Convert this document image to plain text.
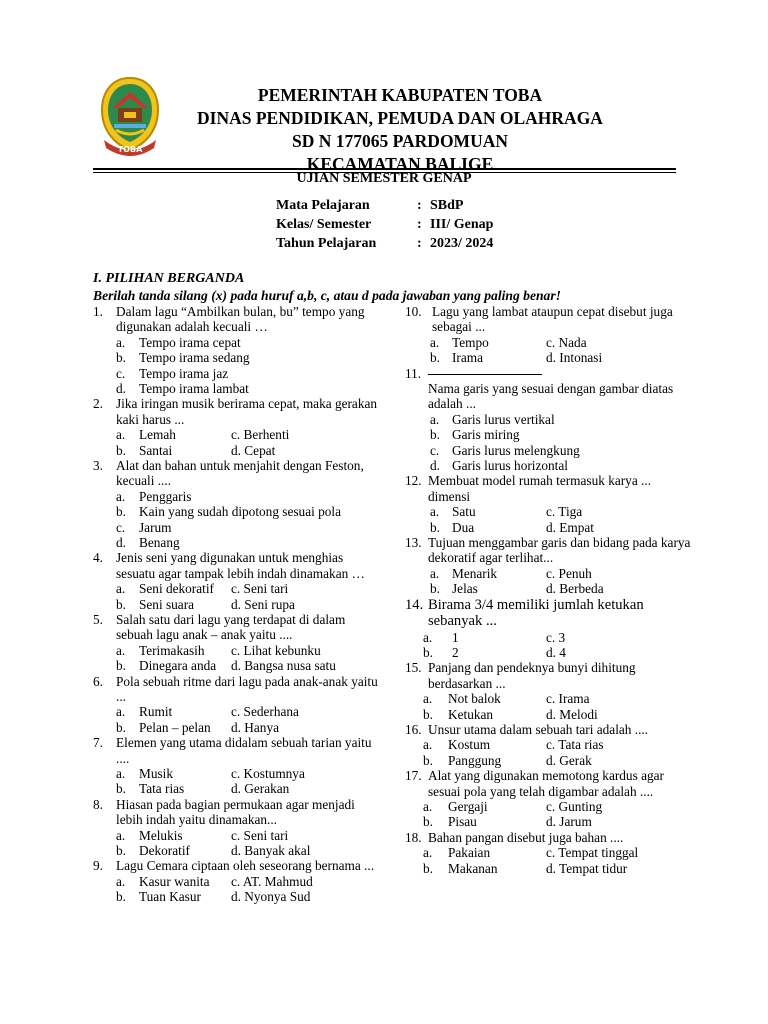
TOBA
PEMERINTAH KABUPATEN TOBA
DINAS PENDIDIKAN, PEMUDA DAN OLAHRAGA
SD N 177065 PARDOMUAN
KECAMATAN BALIGE
UJIAN SEMESTER GENAP
Mata Pelajaran	: SBdP
Kelas/ Semester	: III/ Genap
Tahun Pelajaran	: 2023/ 2024
I. PILIHAN BERGANDA
Berilah tanda silang (x) pada huruf a,b, c, atau d pada jawaban yang paling benar!
1. Dalam lagu “Ambilkan bulan, bu” tempo yang digunakan adalah kecuali …
a. Tempo irama cepat
b. Tempo irama sedang
c. Tempo irama jaz
d. Tempo irama lambat
2. Jika iringan musik berirama cepat, maka gerakan kaki harus ...
a. Lemah	c. Berhenti
b. Santai	d. Cepat
3. Alat dan bahan untuk menjahit dengan Feston, kecuali ....
a. Penggaris
b. Kain yang sudah dipotong sesuai pola
c. Jarum
d. Benang
4. Jenis seni yang digunakan untuk menghias sesuatu agar tampak lebih indah dinamakan …
a. Seni dekoratif c. Seni tari
b. Seni suara	d. Seni rupa
5. Salah satu dari lagu yang terdapat di dalam sebuah lagu anak – anak yaitu ....
a. Terimakasih c. Lihat kebunku
b. Dinegara anda d. Bangsa nusa satu
6. Pola sebuah ritme dari lagu pada anak-anak yaitu ...
a. Rumit	c. Sederhana
b. Pelan – pelan d. Hanya
7. Elemen yang utama didalam sebuah tarian yaitu ....
a. Musik	c. Kostumnya
b. Tata rias	d. Gerakan
8. Hiasan pada bagian permukaan agar menjadi lebih indah yaitu dinamakan...
a. Melukis	c. Seni tari
b. Dekoratif	d. Banyak akal
9. Lagu Cemara ciptaan oleh seseorang bernama ...
a. Kasur wanita c. AT. Mahmud
b. Tuan Kasur d. Nyonya Sud
10. Lagu yang lambat ataupun cepat disebut juga sebagai ...
a. Tempo	c. Nada
b. Irama	d. Intonasi
11.
Nama garis yang sesuai dengan gambar diatas adalah ...
a. Garis lurus vertikal
b. Garis miring
c. Garis lurus melengkung
d. Garis lurus horizontal
12. Membuat model rumah termasuk karya ... dimensi
a. Satu	c. Tiga
b. Dua	d. Empat
13. Tujuan menggambar garis dan bidang pada karya dekoratif agar terlihat...
a. Menarik	c. Penuh
b. Jelas	d. Berbeda
14. Birama 3/4 memiliki jumlah ketukan sebanyak ...
a. 1	c. 3
b. 2	d. 4
15. Panjang dan pendeknya bunyi dihitung berdasarkan ...
a. Not balok	c. Irama
b. Ketukan	d. Melodi
16. Unsur utama dalam sebuah tari adalah ....
a. Kostum	c. Tata rias
b. Panggung	d. Gerak
17. Alat yang digunakan memotong kardus agar sesuai pola yang telah digambar adalah ....
a. Gergaji	c. Gunting
b. Pisau	d. Jarum
18. Bahan pangan disebut juga bahan ....
a. Pakaian	c. Tempat tinggal
b. Makanan	d. Tempat tidur
